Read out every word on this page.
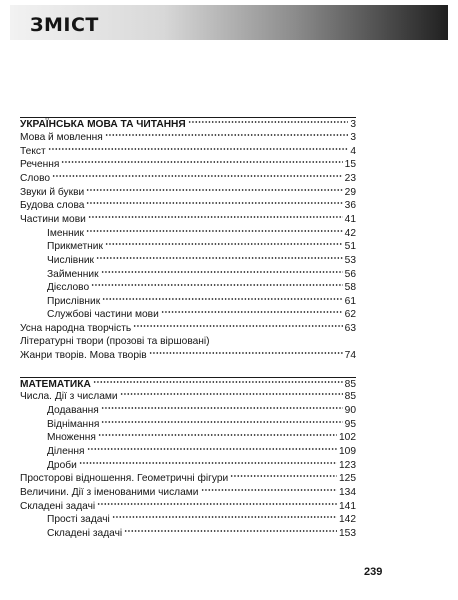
ЗМІСТ
УКРАЇНСЬКА МОВА ТА ЧИТАННЯ	3
Мова й мовлення	3
Текст	4
Речення	15
Слово	23
Звуки й букви	29
Будова слова	36
Частини мови	41
Іменник	42
Прикметник	51
Числівник	53
Займенник	56
Дієслово	58
Прислівник	61
Службові частини мови	62
Усна народна творчість	63
Літературні твори (прозові та віршовані)
Жанри творів. Мова творів	74
МАТЕМАТИКА	85
Числа. Дії з числами	85
Додавання	90
Віднімання	95
Множення	102
Ділення	109
Дроби	123
Просторові відношення. Геометричні фігури	125
Величини. Дії з іменованими числами	134
Складені задачі	141
Прості задачі	142
Складені задачі	153
239
